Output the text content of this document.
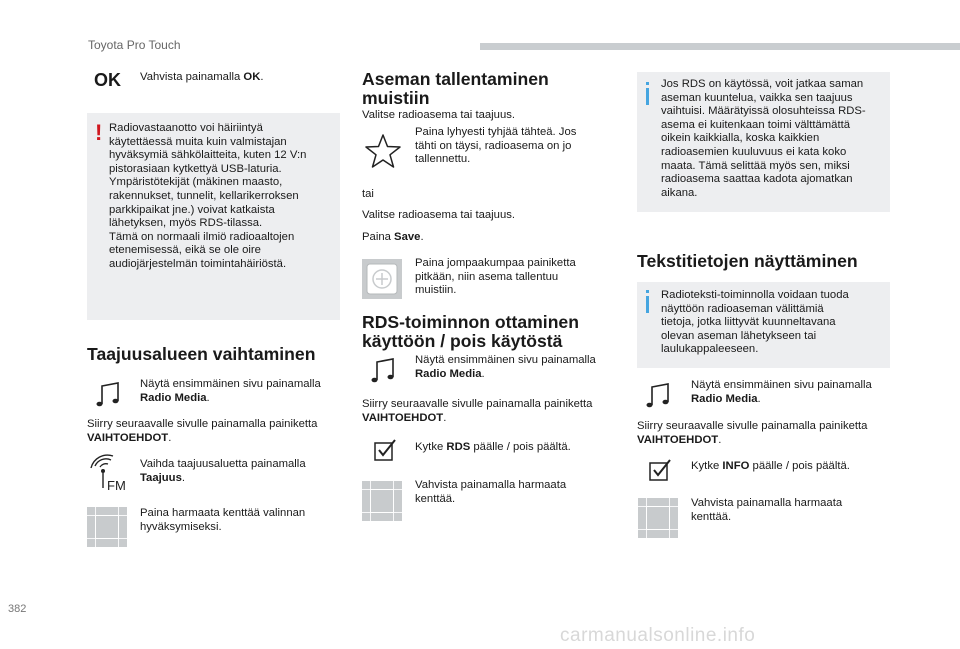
Toyota Pro Touch
382
carmanualsonline.info
OK Vahvista painamalla OK.
! Radiovastaanotto voi häiriintyä
käytettäessä muita kuin valmistajan
hyväksymiä sähkölaitteita, kuten 12 V:n
pistorasiaan kytkettyä USB-laturia.
Ympäristötekijät (mäkinen maasto,
rakennukset, tunnelit, kellarikerroksen
parkkipaikat jne.) voivat katkaista
lähetyksen, myös RDS-tilassa.
Tämä on normaali ilmiö radioaaltojen
etenemisessä, eikä se ole oire
audiojärjestelmän toimintahäiriöstä.
Taajuusalueen vaihtaminen
Näytä ensimmäinen sivu painamalla
Radio Media.
Siirry seuraavalle sivulle painamalla painiketta
VAIHTOEHDOT.
FM
Vaihda taajuusaluetta painamalla
Taajuus.
Paina harmaata kenttää valinnan
hyväksymiseksi.
Aseman tallentaminen
muistiin
Valitse radioasema tai taajuus.
Paina lyhyesti tyhjää tähteä. Jos
tähti on täysi, radioasema on jo
tallennettu.
tai
Valitse radioasema tai taajuus.
Paina Save.
Paina jompaakumpaa painiketta
pitkään, niin asema tallentuu
muistiin.
RDS-toiminnon ottaminen
käyttöön / pois käytöstä
Näytä ensimmäinen sivu painamalla
Radio Media.
Siirry seuraavalle sivulle painamalla painiketta
VAIHTOEHDOT.
Kytke RDS päälle / pois päältä.
Vahvista painamalla harmaata
kenttää.
Jos RDS on käytössä, voit jatkaa saman
aseman kuuntelua, vaikka sen taajuus
vaihtuisi. Määrätyissä olosuhteissa RDS-
asema ei kuitenkaan toimi välttämättä
oikein kaikkialla, koska kaikkien
radioasemien kuuluvuus ei kata koko
maata. Tämä selittää myös sen, miksi
radioasema saattaa kadota ajomatkan
aikana.
Tekstitietojen näyttäminen
Radioteksti-toiminnolla voidaan tuoda
näyttöön radioaseman välittämiä
tietoja, jotka liittyvät kuunneltavana
olevan aseman lähetykseen tai
laulukappaleeseen.
Näytä ensimmäinen sivu painamalla
Radio Media.
Siirry seuraavalle sivulle painamalla painiketta
VAIHTOEHDOT.
Kytke INFO päälle / pois päältä.
Vahvista painamalla harmaata
kenttää.
